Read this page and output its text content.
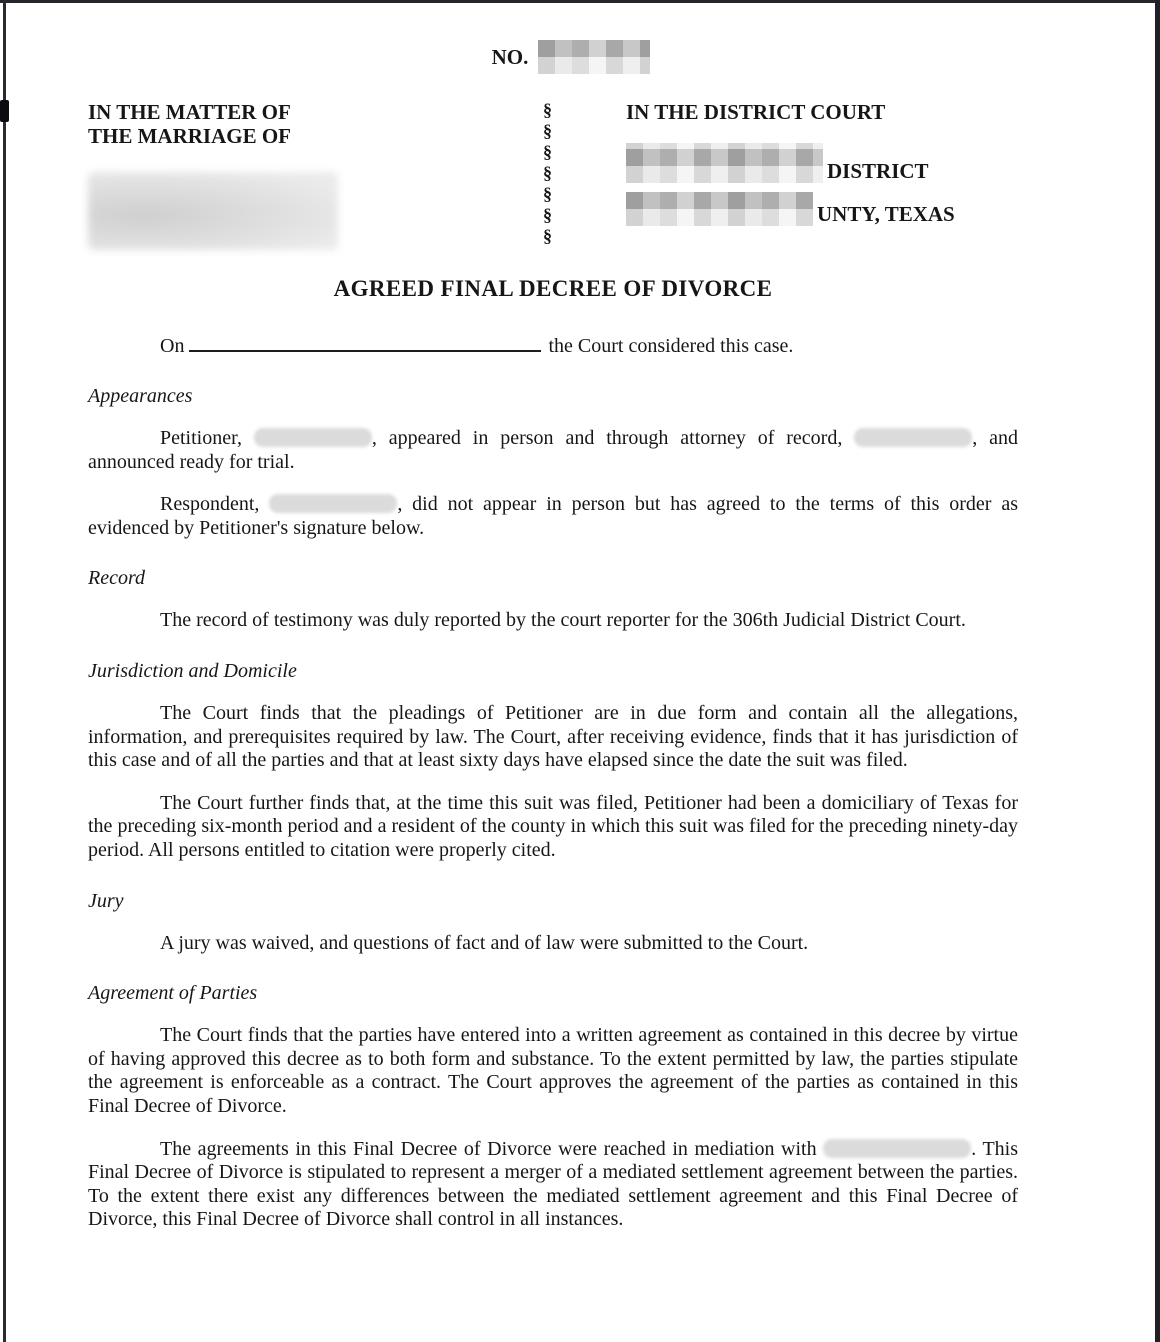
NO.
IN THE MATTER OF
THE MARRIAGE OF
§
§
§
§
§
§
§
IN THE DISTRICT COURT
DISTRICT
UNTY, TEXAS
AGREED FINAL DECREE OF DIVORCE
On	the Court considered this case.
Appearances

Petitioner,	, appeared in person and through attorney of record,	, and announced ready for trial.

Respondent,	, did not appear in person but has agreed to the terms of this order as evidenced by Petitioner's signature below.

Record

The record of testimony was duly reported by the court reporter for the 306th Judicial District Court.

Jurisdiction and Domicile

The Court finds that the pleadings of Petitioner are in due form and contain all the allegations, information, and prerequisites required by law. The Court, after receiving evidence, finds that it has jurisdiction of this case and of all the parties and that at least sixty days have elapsed since the date the suit was filed.

The Court further finds that, at the time this suit was filed, Petitioner had been a domiciliary of Texas for the preceding six-month period and a resident of the county in which this suit was filed for the preceding ninety-day period. All persons entitled to citation were properly cited.

Jury

A jury was waived, and questions of fact and of law were submitted to the Court.

Agreement of Parties

The Court finds that the parties have entered into a written agreement as contained in this decree by virtue of having approved this decree as to both form and substance. To the extent permitted by law, the parties stipulate the agreement is enforceable as a contract. The Court approves the agreement of the parties as contained in this Final Decree of Divorce.

The agreements in this Final Decree of Divorce were reached in mediation with	. This Final Decree of Divorce is stipulated to represent a merger of a mediated settlement agreement between the parties. To the extent there exist any differences between the mediated settlement agreement and this Final Decree of Divorce, this Final Decree of Divorce shall control in all instances.
